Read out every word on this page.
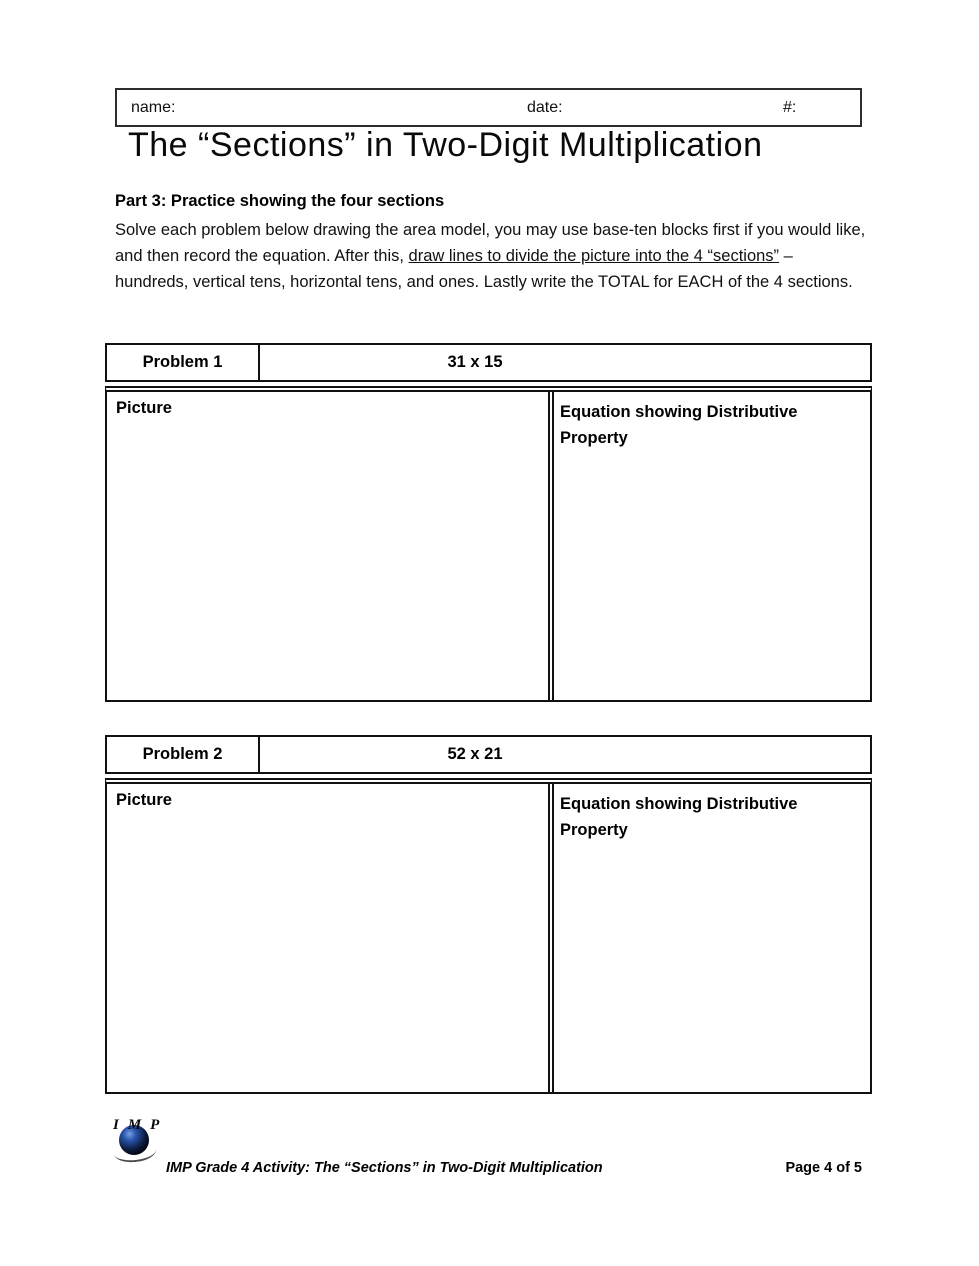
name:	date:	#:
The “Sections” in Two-Digit Multiplication
Part 3: Practice showing the four sections
Solve each problem below drawing the area model, you may use base-ten blocks first if you would like, and then record the equation. After this, draw lines to divide the picture into the 4 “sections” – hundreds, vertical tens, horizontal tens, and ones. Lastly write the TOTAL for EACH of the 4 sections.
Problem 1	31 x 15
Picture	Equation showing Distributive Property
Problem 2	52 x 21
Picture	Equation showing Distributive Property
IMP
IMP Grade 4 Activity: The “Sections” in Two-Digit Multiplication	Page 4 of 5
